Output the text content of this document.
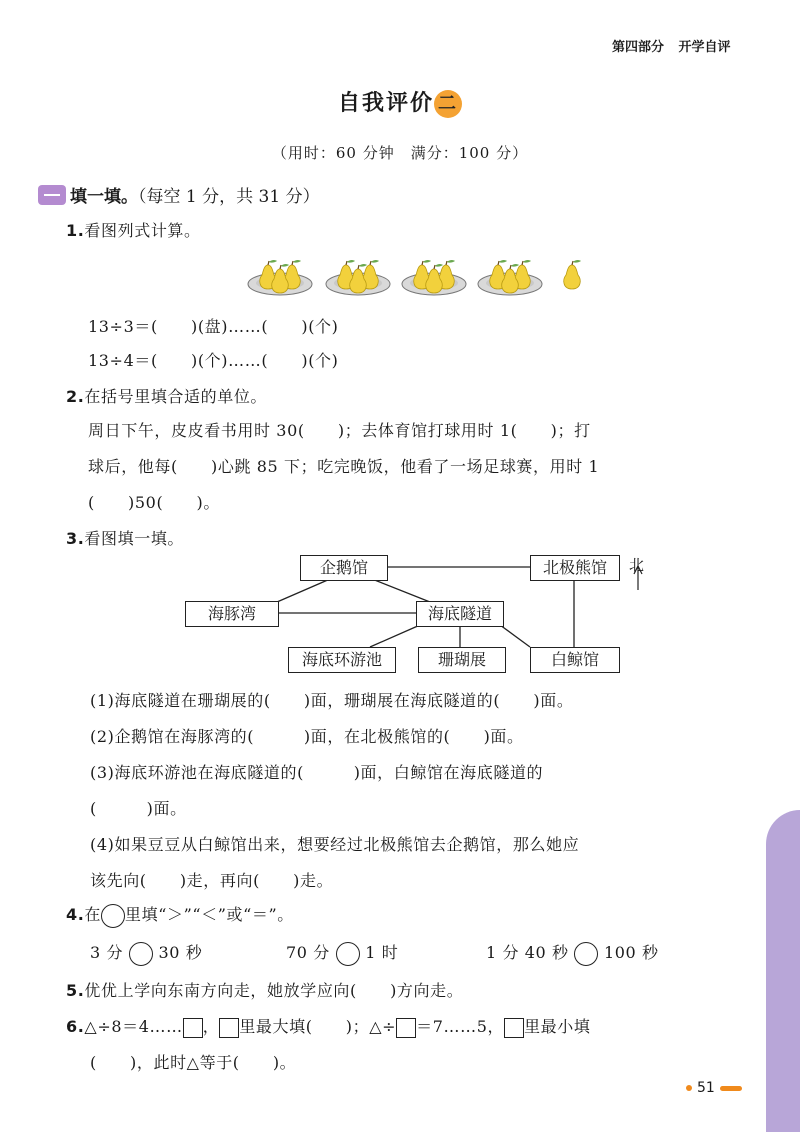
第四部分 开学自评
自我评价 二
（用时：60 分钟　满分：100 分）
填一填。（每空 1 分，共 31 分）
1.看图列式计算。
13÷3＝(　　)(盘)……(　　)(个)
13÷4＝(　　)(个)……(　　)(个)
2.在括号里填合适的单位。
周日下午，皮皮看书用时 30(　　)；去体育馆打球用时 1(　　)；打
球后，他每(　　)心跳 85 下；吃完晚饭，他看了一场足球赛，用时 1
(　　)50(　　)。
3.看图填一填。
企鹅馆	北极熊馆	北
海豚湾	海底隧道
海底环游池	珊瑚展	白鲸馆
(1)海底隧道在珊瑚展的(　　)面，珊瑚展在海底隧道的(　　)面。
(2)企鹅馆在海豚湾的(　　　)面，在北极熊馆的(　　)面。
(3)海底环游池在海底隧道的(　　　)面，白鲸馆在海底隧道的
(　　　)面。
(4)如果豆豆从白鲸馆出来，想要经过北极熊馆去企鹅馆，那么她应
该先向(　　)走，再向(　　)走。
4.在 里填“＞”“＜”或“＝”。
3 分 30 秒	70 分 1 时	1 分 40 秒 100 秒
5.优优上学向东南方向走，她放学应向(　　)方向走。
6.△÷8＝4…… ， 里最大填(　　)；△÷ ＝7……5， 里最小填
(　　)，此时△等于(　　)。
51
